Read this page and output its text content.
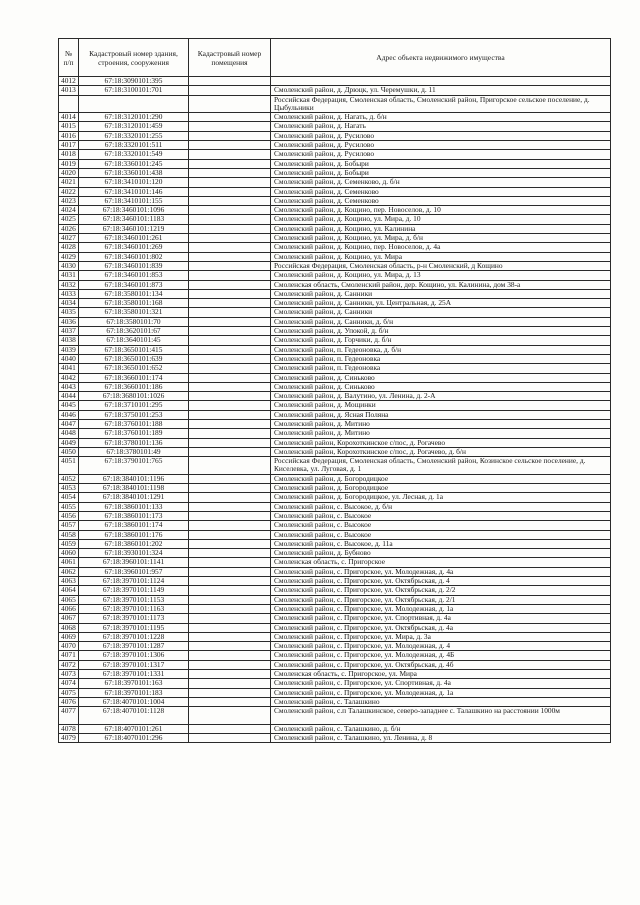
№ п/п	Кадастровый номер здания, строения, сооружения	Кадастровый номер помещения	Адрес объекта недвижимого имущества
4012	67:18:3090101:395		
4013	67:18:3100101:701		Смоленский район, д. Дрюцк, ул. Черемушки, д. 11
			Российская Федерация, Смоленская область, Смоленский район, Пригорское сельское поселение, д. Цыбульники
4014	67:18:3120101:290		Смоленский район, д. Нагать, д. б/н
4015	67:18:3120101:459		Смоленский район, д. Нагать
4016	67:18:3320101:255		Смоленский район, д. Русилово
4017	67:18:3320101:511		Смоленский район, д. Русилово
4018	67:18:3320101:549		Смоленский район, д. Русилово
4019	67:18:3360101:245		Смоленский район, д. Бобыри
4020	67:18:3360101:438		Смоленский район, д. Бобыри
4021	67:18:3410101:120		Смоленский район, д. Семенково, д. б/н
4022	67:18:3410101:146		Смоленский район, д. Семенково
4023	67:18:3410101:155		Смоленский район, д. Семенково
4024	67:18:3460101:1096		Смоленский район, д. Кощино, пер. Новоселов, д. 10
4025	67:18:3460101:1183		Смоленский район, д. Кощино, ул. Мира, д. 10
4026	67:18:3460101:1219		Смоленский район, д. Кощино, ул. Калинина
4027	67:18:3460101:261		Смоленский район, д. Кощино, ул. Мира, д. б/н
4028	67:18:3460101:269		Смоленский район, д. Кощино, пер. Новоселов, д. 4а
4029	67:18:3460101:802		Смоленский район, д. Кощино, ул. Мира
4030	67:18:3460101:839		Российская Федерация, Смоленская область, р-н Смоленский, д Кощино
4031	67:18:3460101:853		Смоленский район, д. Кощино, ул. Мира, д. 13
4032	67:18:3460101:873		Смоленская область, Смоленский район, дер. Кощино, ул. Калинина, дом 38-а
4033	67:18:3580101:134		Смоленский район, д. Санники
4034	67:18:3580101:168		Смоленский район, д. Санники, ул. Центральная, д. 25А
4035	67:18:3580101:321		Смоленский район, д. Санники
4036	67:18:3580101:70		Смоленский район, д. Санники, д. б/н
4037	67:18:3620101:67		Смоленский район, д. Упокой, д. б/н
4038	67:18:3640101:45		Смоленский район, д. Горчики, д. б/н
4039	67:18:3650101:415		Смоленский район, п. Гедеоновка, д. б/н
4040	67:18:3650101:639		Смоленский район, п. Гедеоновка
4041	67:18:3650101:652		Смоленский район, п. Гедеоновка
4042	67:18:3660101:174		Смоленский район, д. Синьково
4043	67:18:3660101:186		Смоленский район, д. Синьково
4044	67:18:3680101:1026		Смоленский район, д. Валутино, ул. Ленина, д. 2-А
4045	67:18:3710101:295		Смоленский район, д. Мощинки
4046	67:18:3750101:253		Смоленский район, д. Ясная Поляна
4047	67:18:3760101:188		Смоленский район, д. Митино
4048	67:18:3760101:189		Смоленский район, д. Митино
4049	67:18:3780101:136		Смоленский район, Корохоткинское с/пос, д. Рогачево
4050	67:18:3780101:49		Смоленский район, Корохоткинское с/пос, д. Рогачево, д. б/н
4051	67:18:3790101:765		Российская Федерация, Смоленская область, Смоленский район, Козинское сельское поселение, д. Киселевка, ул. Луговая, д. 1
4052	67:18:3840101:1196		Смоленский район, д. Богородицкое
4053	67:18:3840101:1198		Смоленский район, д. Богородицкое
4054	67:18:3840101:1291		Смоленский район, д. Богородицкое, ул. Лесная, д. 1а
4055	67:18:3860101:133		Смоленский район, с. Высокое, д. б/н
4056	67:18:3860101:173		Смоленский район, с. Высокое
4057	67:18:3860101:174		Смоленский район, с. Высокое
4058	67:18:3860101:176		Смоленский район, с. Высокое
4059	67:18:3860101:202		Смоленский район, с. Высокое, д. 11а
4060	67:18:3930101:324		Смоленский район, д. Бубново
4061	67:18:3960101:1141		Смоленская область, с. Пригорское
4062	67:18:3960101:957		Смоленский район, с. Пригорское, ул. Молодежная, д. 4а
4063	67:18:3970101:1124		Смоленский район, с. Пригорское, ул. Октябрьская, д. 4
4064	67:18:3970101:1149		Смоленский район, с. Пригорское, ул. Октябрьская, д. 2/2
4065	67:18:3970101:1153		Смоленский район, с. Пригорское, ул. Октябрьская, д. 2/1
4066	67:18:3970101:1163		Смоленский район, с. Пригорское, ул. Молодежная, д. 1а
4067	67:18:3970101:1173		Смоленский район, с. Пригорское, ул. Спортивная, д. 4а
4068	67:18:3970101:1195		Смоленский район, с. Пригорское, ул. Октябрьская, д. 4а
4069	67:18:3970101:1228		Смоленский район, с. Пригорское, ул. Мира, д. 3а
4070	67:18:3970101:1287		Смоленский район, с. Пригорское, ул. Молодежная, д. 4
4071	67:18:3970101:1306		Смоленский район, с. Пригорское, ул. Молодежная, д. 4Б
4072	67:18:3970101:1317		Смоленский район, с. Пригорское, ул. Октябрьская, д. 4б
4073	67:18:3970101:1331		Смоленская область, с. Пригорское, ул. Мира
4074	67:18:3970101:163		Смоленский район, с. Пригорское, ул. Спортивная, д. 4а
4075	67:18:3970101:183		Смоленский район, с. Пригорское, ул. Молодежная, д. 1а
4076	67:18:4070101:1004		Смоленский район, с. Талашкино
4077	67:18:4070101:1128		Смоленский район, с.п Талашкинское, северо-западнее с. Талашкино на расстоянии 1000м
4078	67:18:4070101:261		Смоленский район, с. Талашкино, д. б/н
4079	67:18:4070101:296		Смоленский район, с. Талашкино, ул. Ленина, д. 8
